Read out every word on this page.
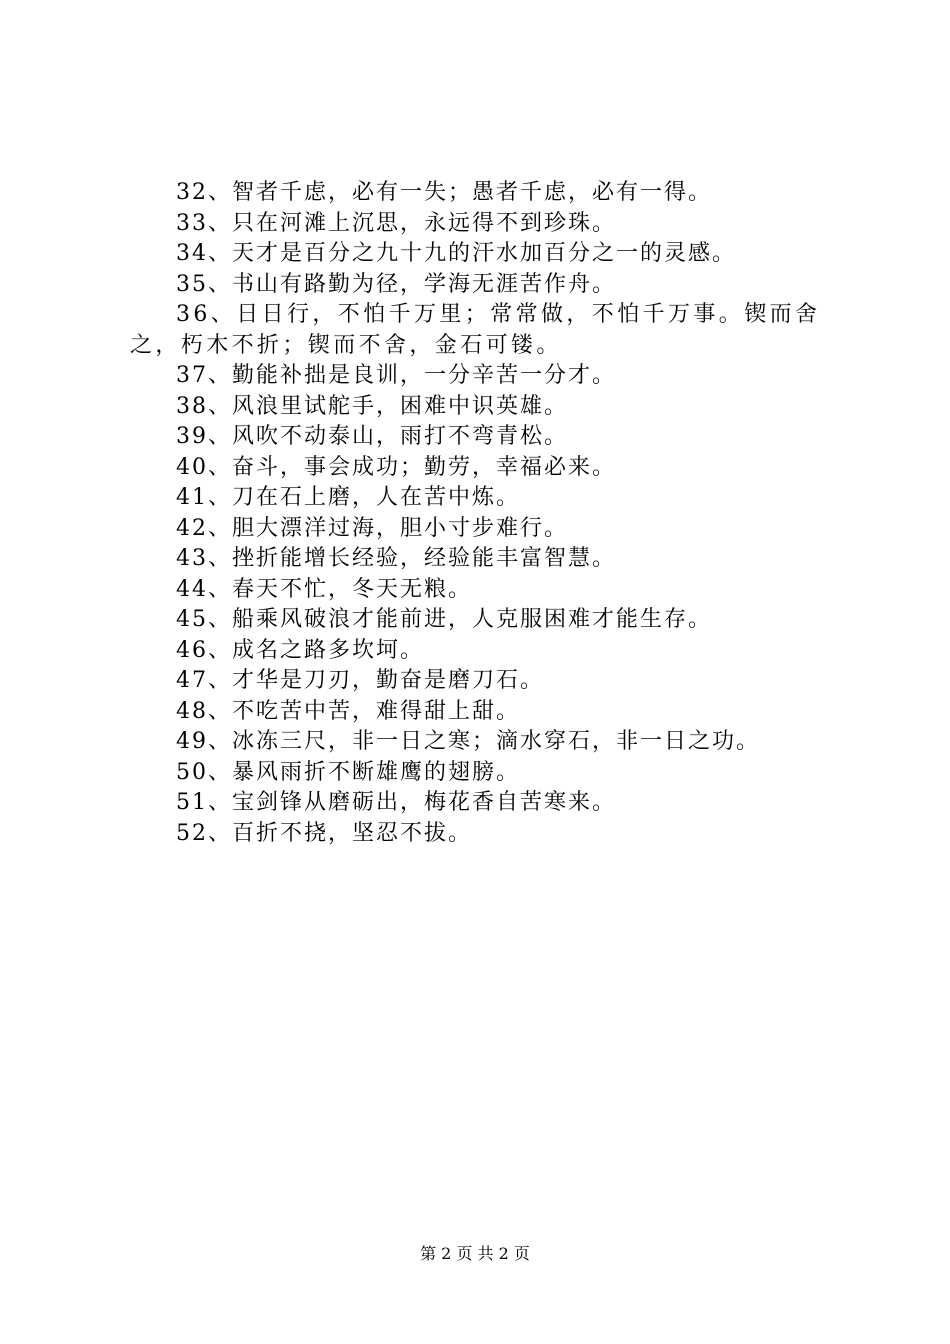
32、智者千虑，必有一失；愚者千虑，必有一得。
33、只在河滩上沉思，永远得不到珍珠。
34、天才是百分之九十九的汗水加百分之一的灵感。
35、书山有路勤为径，学海无涯苦作舟。
36、日日行，不怕千万里；常常做，不怕千万事。锲而舍之，朽木不折；锲而不舍，金石可镂。
37、勤能补拙是良训，一分辛苦一分才。
38、风浪里试舵手，困难中识英雄。
39、风吹不动泰山，雨打不弯青松。
40、奋斗，事会成功；勤劳，幸福必来。
41、刀在石上磨，人在苦中炼。
42、胆大漂洋过海，胆小寸步难行。
43、挫折能增长经验，经验能丰富智慧。
44、春天不忙，冬天无粮。
45、船乘风破浪才能前进，人克服困难才能生存。
46、成名之路多坎坷。
47、才华是刀刃，勤奋是磨刀石。
48、不吃苦中苦，难得甜上甜。
49、冰冻三尺，非一日之寒；滴水穿石，非一日之功。
50、暴风雨折不断雄鹰的翅膀。
51、宝剑锋从磨砺出，梅花香自苦寒来。
52、百折不挠，坚忍不拔。
第 2 页 共 2 页
